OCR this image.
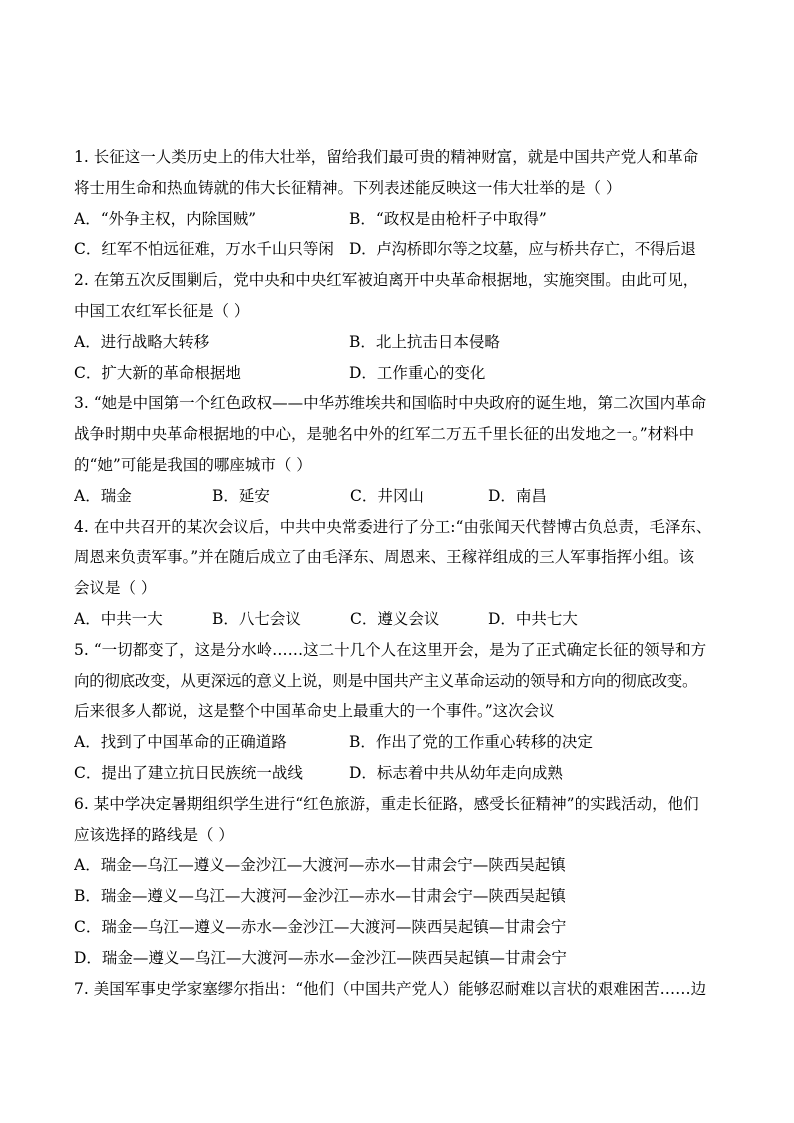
1. 长征这一人类历史上的伟大壮举，留给我们最可贵的精神财富，就是中国共产党人和革命
将士用生命和热血铸就的伟大长征精神。下列表述能反映这一伟大壮举的是（ ）
A．“外争主权，内除国贼”	B．“政权是由枪杆子中取得”
C．红军不怕远征难，万水千山只等闲 D．卢沟桥即尔等之坟墓，应与桥共存亡，不得后退
2. 在第五次反围剿后，党中央和中央红军被迫离开中央革命根据地，实施突围。由此可见，
中国工农红军长征是（ ）
A．进行战略大转移	B．北上抗击日本侵略
C．扩大新的革命根据地	D．工作重心的变化
3. “她是中国第一个红色政权——中华苏维埃共和国临时中央政府的诞生地，第二次国内革命
战争时期中央革命根据地的中心，是驰名中外的红军二万五千里长征的出发地之一。”材料中
的“她”可能是我国的哪座城市（ ）
A．瑞金	B．延安	C．井冈山	D．南昌
4. 在中共召开的某次会议后，中共中央常委进行了分工:“由张闻天代替博古负总责，毛泽东、
周恩来负责军事。”并在随后成立了由毛泽东、周恩来、王稼祥组成的三人军事指挥小组。该
会议是（ ）
A．中共一大	B．八七会议	C．遵义会议	D．中共七大
5. “一切都变了，这是分水岭……这二十几个人在这里开会，是为了正式确定长征的领导和方
向的彻底改变，从更深远的意义上说，则是中国共产主义革命运动的领导和方向的彻底改变。
后来很多人都说，这是整个中国革命史上最重大的一个事件。”这次会议
A．找到了中国革命的正确道路	B．作出了党的工作重心转移的决定
C．提出了建立抗日民族统一战线	D．标志着中共从幼年走向成熟
6. 某中学决定暑期组织学生进行“红色旅游，重走长征路，感受长征精神”的实践活动，他们
应该选择的路线是（ ）
A．瑞金—乌江—遵义—金沙江—大渡河—赤水—甘肃会宁—陕西吴起镇
B．瑞金—遵义—乌江—大渡河—金沙江—赤水—甘肃会宁—陕西吴起镇
C．瑞金—乌江—遵义—赤水—金沙江—大渡河—陕西吴起镇—甘肃会宁
D．瑞金—遵义—乌江—大渡河—赤水—金沙江—陕西吴起镇—甘肃会宁
7. 美国军事史学家塞缪尔指出：“他们（中国共产党人）能够忍耐难以言状的艰难困苦……边
